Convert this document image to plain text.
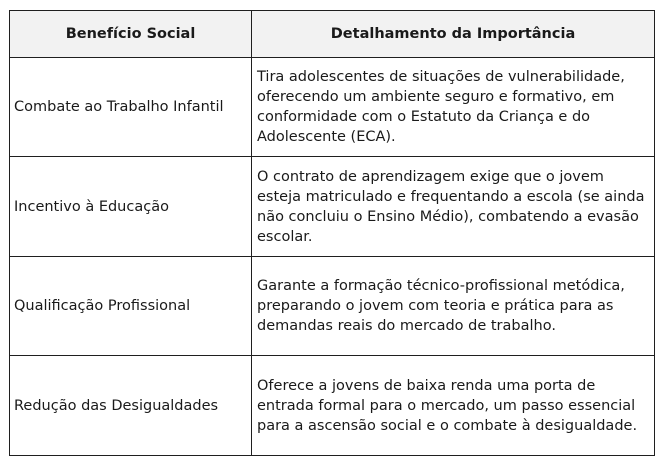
Benefício Social	Detalhamento da Importância
Combate ao Trabalho Infantil	Tira adolescentes de situações de vulnerabilidade, oferecendo um ambiente seguro e formativo, em conformidade com o Estatuto da Criança e do Adolescente (ECA).
Incentivo à Educação	O contrato de aprendizagem exige que o jovem esteja matriculado e frequentando a escola (se ainda não concluiu o Ensino Médio), combatendo a evasão escolar.
Qualificação Profissional	Garante a formação técnico-profissional metódica, preparando o jovem com teoria e prática para as demandas reais do mercado de trabalho.
Redução das Desigualdades	Oferece a jovens de baixa renda uma porta de entrada formal para o mercado, um passo essencial para a ascensão social e o combate à desigualdade.
